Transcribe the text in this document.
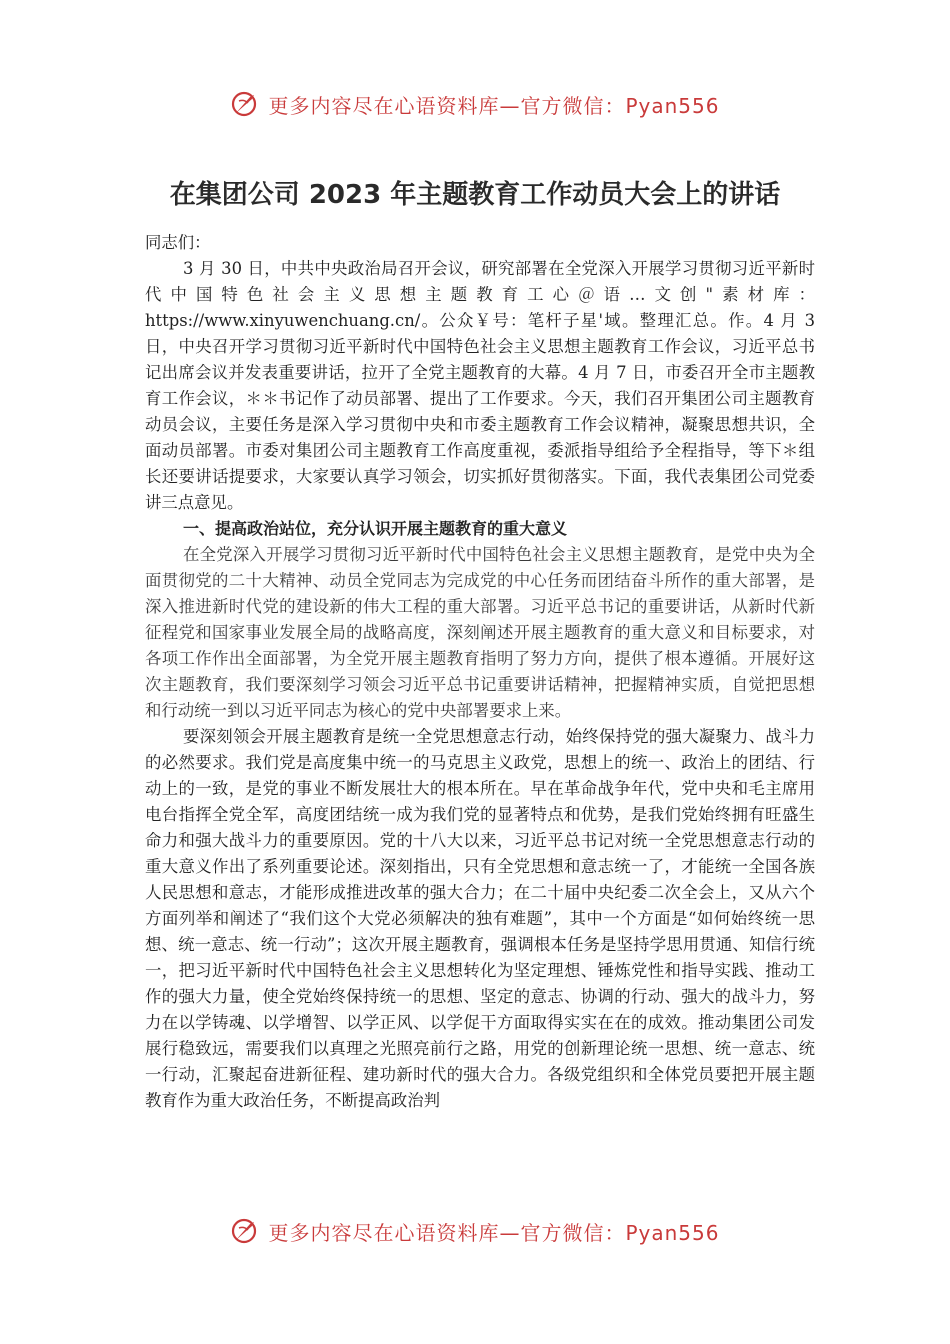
更多内容尽在心语资料库—官方微信：Pyan556
在集团公司 2023 年主题教育工作动员大会上的讲话

同志们：

3 月 30 日，中共中央政治局召开会议，研究部署在全党深入开展学习贯彻习近平新时代中国特色社会主义思想主题教育工心＠语…文创"素材库：https://www.xinyuwenchuang.cn/。公众￥号：笔杆子星'域。整理汇总。作。4 月 3 日，中央召开学习贯彻习近平新时代中国特色社会主义思想主题教育工作会议，习近平总书记出席会议并发表重要讲话，拉开了全党主题教育的大幕。4 月 7 日，市委召开全市主题教育工作会议，＊＊书记作了动员部署、提出了工作要求。今天，我们召开集团公司主题教育动员会议，主要任务是深入学习贯彻中央和市委主题教育工作会议精神，凝聚思想共识，全面动员部署。市委对集团公司主题教育工作高度重视，委派指导组给予全程指导，等下＊组长还要讲话提要求，大家要认真学习领会，切实抓好贯彻落实。下面，我代表集团公司党委讲三点意见。

一、提高政治站位，充分认识开展主题教育的重大意义

在全党深入开展学习贯彻习近平新时代中国特色社会主义思想主题教育，是党中央为全面贯彻党的二十大精神、动员全党同志为完成党的中心任务而团结奋斗所作的重大部署，是深入推进新时代党的建设新的伟大工程的重大部署。习近平总书记的重要讲话，从新时代新征程党和国家事业发展全局的战略高度，深刻阐述开展主题教育的重大意义和目标要求，对各项工作作出全面部署，为全党开展主题教育指明了努力方向，提供了根本遵循。开展好这次主题教育，我们要深刻学习领会习近平总书记重要讲话精神，把握精神实质，自觉把思想和行动统一到以习近平同志为核心的党中央部署要求上来。

要深刻领会开展主题教育是统一全党思想意志行动，始终保持党的强大凝聚力、战斗力的必然要求。我们党是高度集中统一的马克思主义政党，思想上的统一、政治上的团结、行动上的一致，是党的事业不断发展壮大的根本所在。早在革命战争年代，党中央和毛主席用电台指挥全党全军，高度团结统一成为我们党的显著特点和优势，是我们党始终拥有旺盛生命力和强大战斗力的重要原因。党的十八大以来，习近平总书记对统一全党思想意志行动的重大意义作出了系列重要论述。深刻指出，只有全党思想和意志统一了，才能统一全国各族人民思想和意志，才能形成推进改革的强大合力；在二十届中央纪委二次全会上，又从六个方面列举和阐述了“我们这个大党必须解决的独有难题”，其中一个方面是“如何始终统一思想、统一意志、统一行动”；这次开展主题教育，强调根本任务是坚持学思用贯通、知信行统一，把习近平新时代中国特色社会主义思想转化为坚定理想、锤炼党性和指导实践、推动工作的强大力量，使全党始终保持统一的思想、坚定的意志、协调的行动、强大的战斗力，努力在以学铸魂、以学增智、以学正风、以学促干方面取得实实在在的成效。推动集团公司发展行稳致远，需要我们以真理之光照亮前行之路，用党的创新理论统一思想、统一意志、统一行动，汇聚起奋进新征程、建功新时代的强大合力。各级党组织和全体党员要把开展主题教育作为重大政治任务，不断提高政治判

更多内容尽在心语资料库—官方微信：Pyan556
